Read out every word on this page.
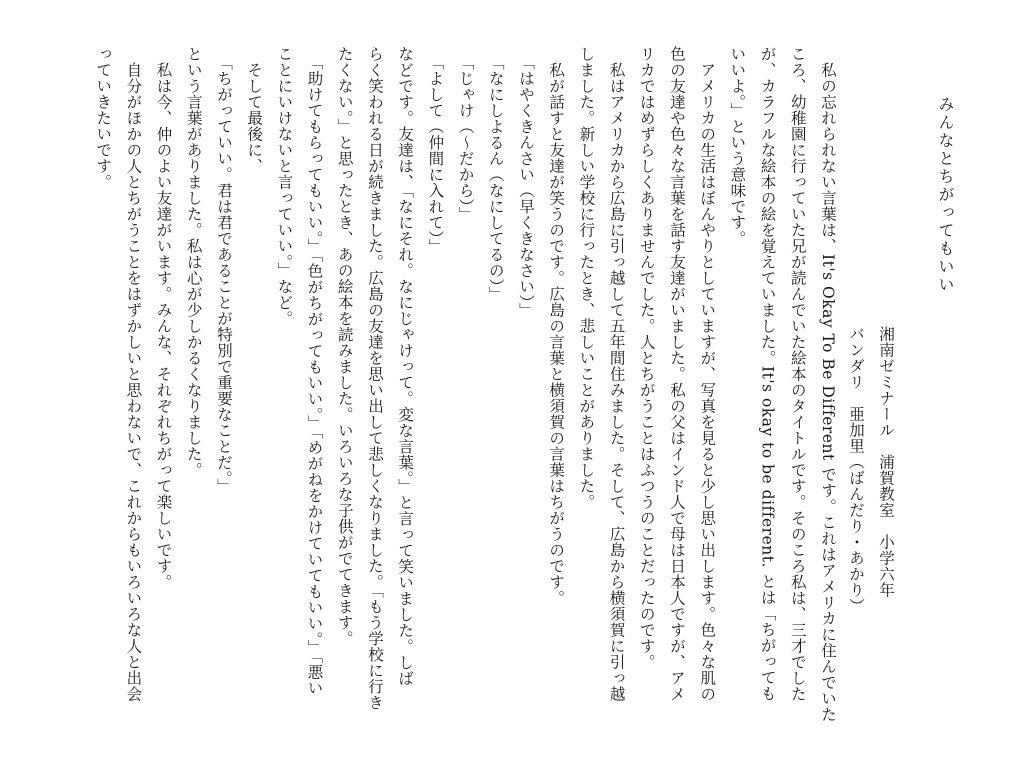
みんなとちがってもいい
湘南ゼミナール　浦賀教室　小学六年
バンダリ　亜加里（ばんだり・あかり）

　私の忘れられない言葉は、It's Okay To Be Different です。これはアメリカに住んでいた

ころ、幼稚園に行っていた兄が読んでいた絵本のタイトルです。そのころ私は、三才でした

が、カラフルな絵本の絵を覚えていました。It's okay to be different. とは「ちがっても

いいよ。」という意味です。

　アメリカの生活はぼんやりとしていますが、写真を見ると少し思い出します。色々な肌の

色の友達や色々な言葉を話す友達がいました。私の父はインド人で母は日本人ですが、アメ

リカではめずらしくありませんでした。人とちがうことはふつうのことだったのです。

　私はアメリカから広島に引っ越して五年間住みました。そして、広島から横須賀に引っ越

しました。新しい学校に行ったとき、悲しいことがありました。

　私が話すと友達が笑うのです。広島の言葉と横須賀の言葉はちがうのです。

　「はやくきんさい（早くきなさい）」

　「なにしよるん（なにしてるの）」

　「じゃけ（〜だから）」

　「よして（仲間に入れて）」

などです。友達は、「なにそれ。なにじゃけって。変な言葉。」と言って笑いました。しば

らく笑われる日が続きました。広島の友達を思い出して悲しくなりました。「もう学校に行き

たくない。」と思ったとき、あの絵本を読みました。いろいろな子供がでてきます。

　「助けてもらってもいい。」「色がちがってもいい。」「めがねをかけていてもいい。」「悪い

ことにいけないと言っていい。」など。

　そして最後に、

　「ちがっていい。君は君であることが特別で重要なことだ。」

という言葉がありました。私は心が少しかるくなりました。

　私は今、仲のよい友達がいます。みんな、それぞれちがって楽しいです。

　自分がほかの人とちがうことをはずかしいと思わないで、これからもいろいろな人と出会

っていきたいです。
